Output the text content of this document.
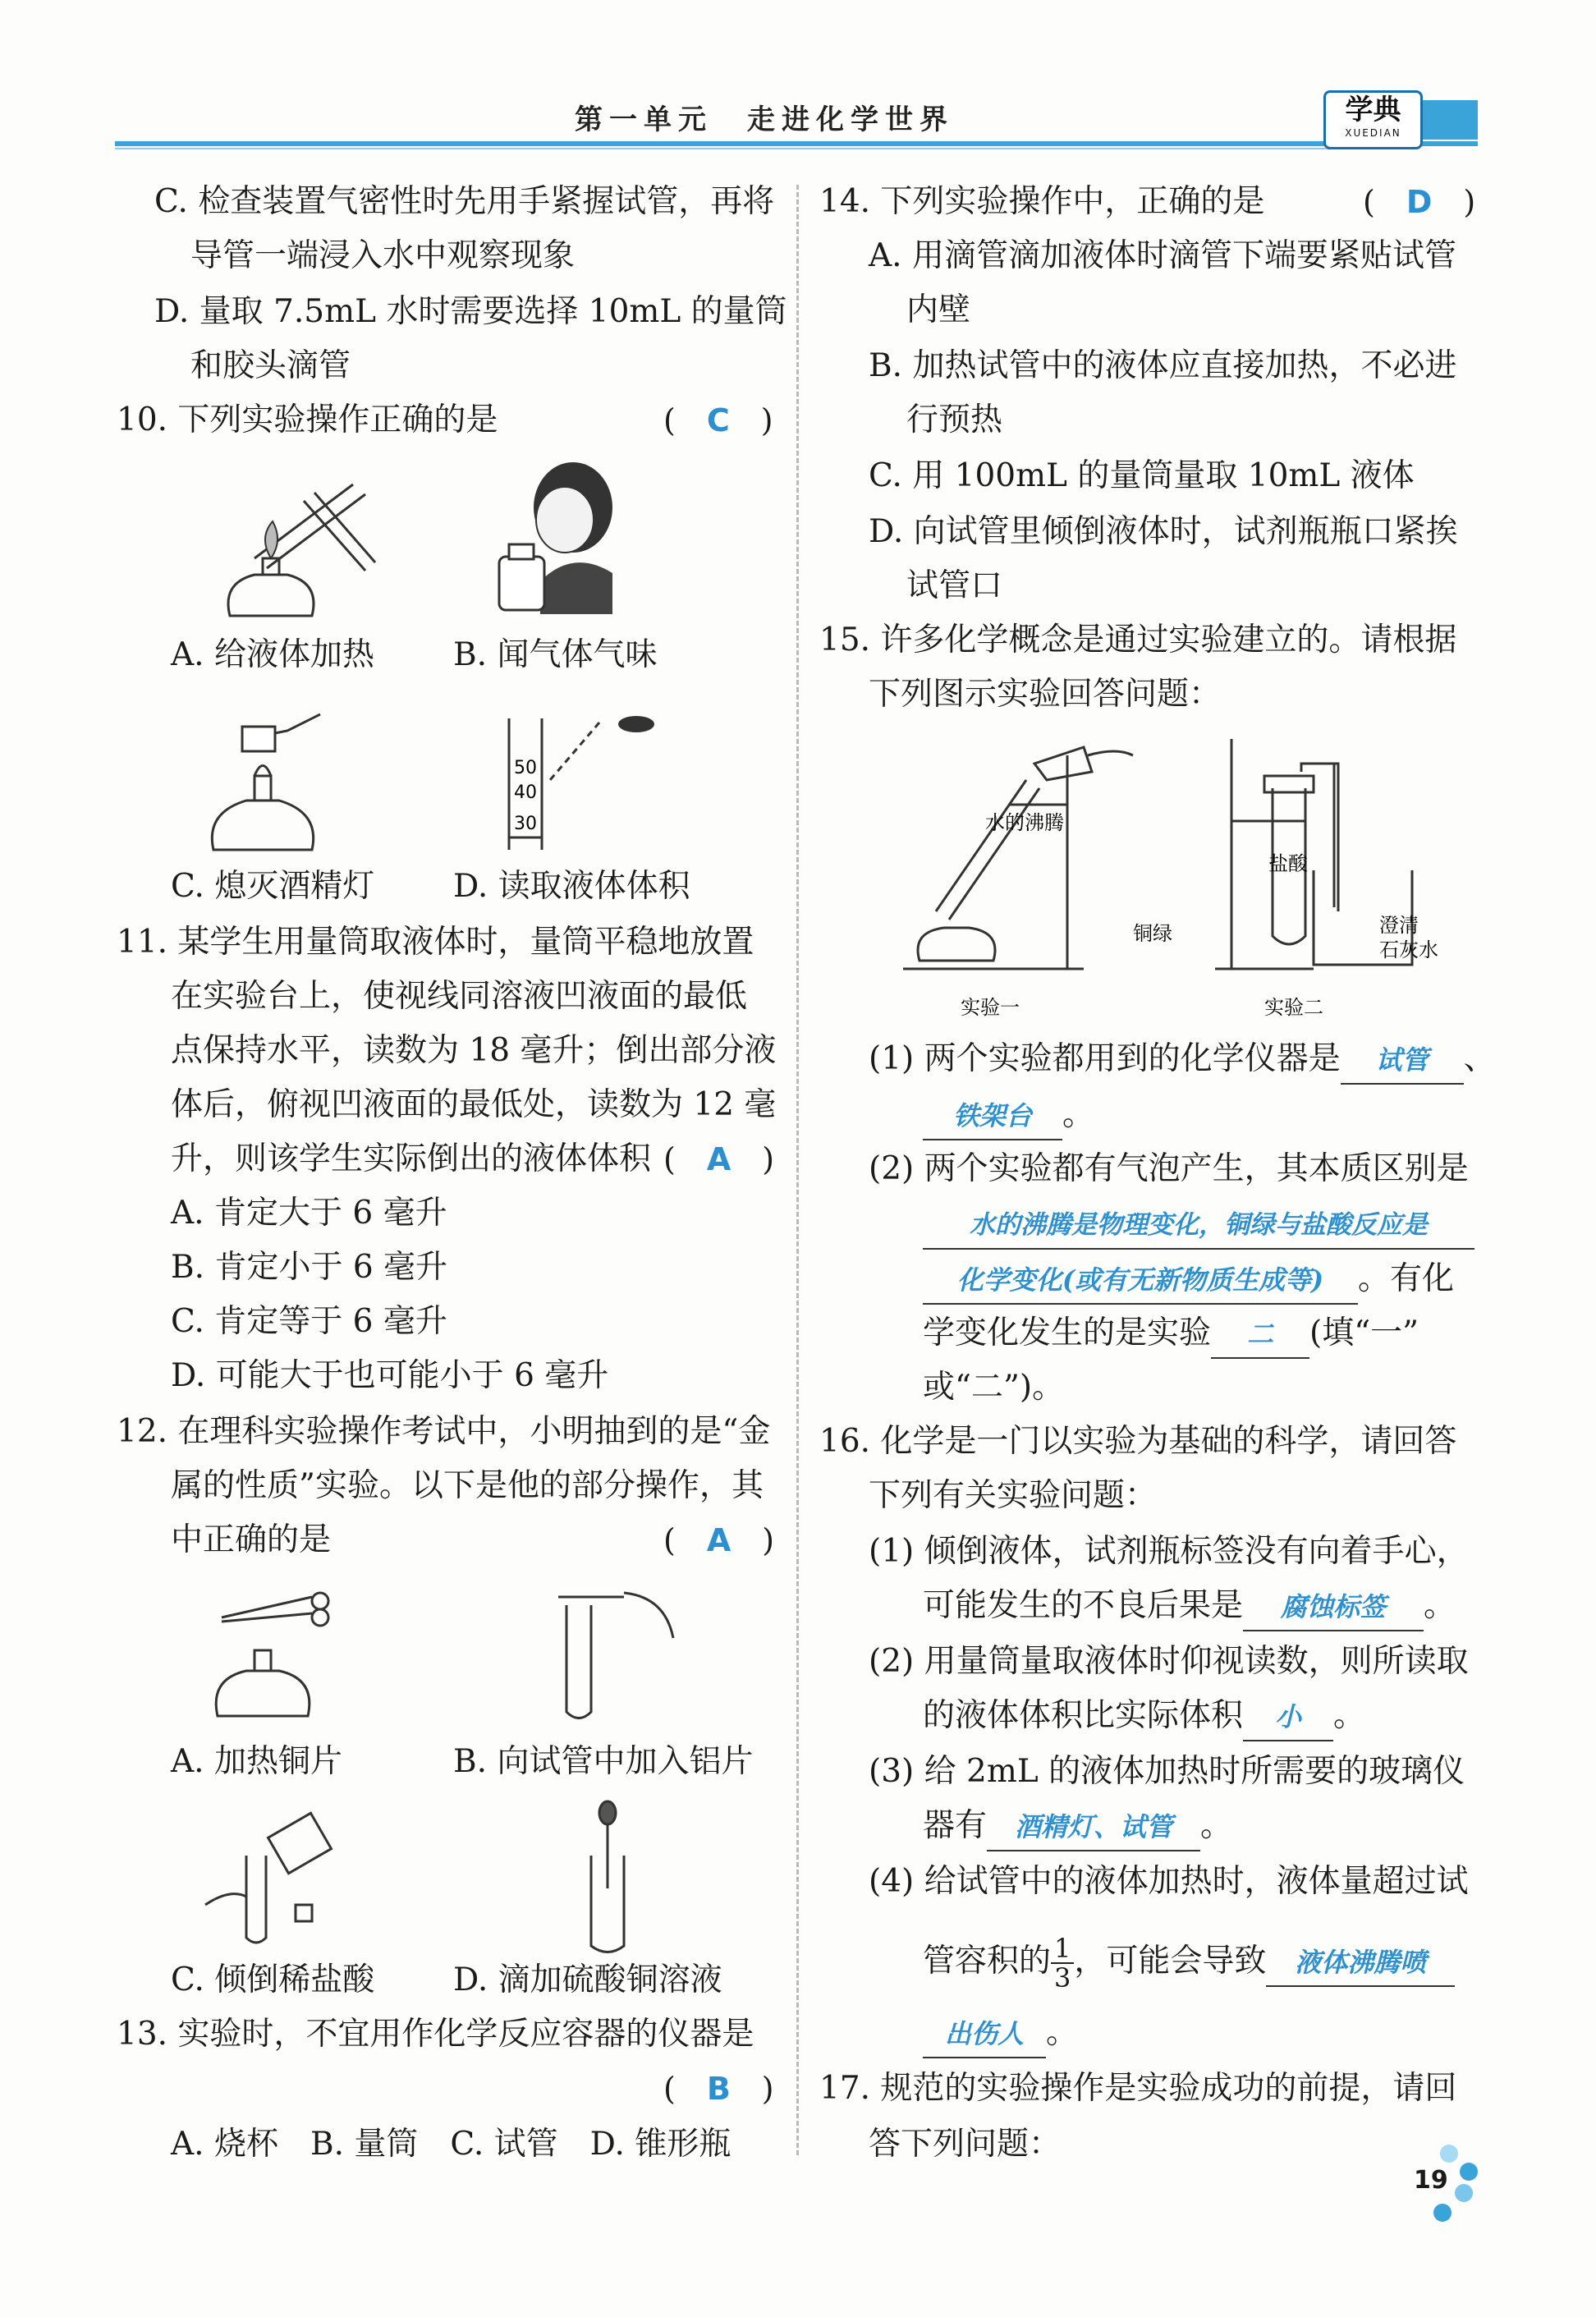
第一单元　走进化学世界	学典
XUEDIAN
C. 检查装置气密性时先用手紧握试管，再将
导管一端浸入水中观察现象
D. 量取 7.5mL 水时需要选择 10mL 的量筒
和胶头滴管
10. 下列实验操作正确的是	(　C　)
A. 给液体加热 B. 闻气体气味
50
40
30
C. 熄灭酒精灯 D. 读取液体体积
11. 某学生用量筒取液体时，量筒平稳地放置
在实验台上，使视线同溶液凹液面的最低
点保持水平，读数为 18 毫升；倒出部分液
体后，俯视凹液面的最低处，读数为 12 毫
升，则该学生实际倒出的液体体积 (　A　)
A. 肯定大于 6 毫升
B. 肯定小于 6 毫升
C. 肯定等于 6 毫升
D. 可能大于也可能小于 6 毫升
12. 在理科实验操作考试中，小明抽到的是“金
属的性质”实验。以下是他的部分操作，其
中正确的是	(　A　)
A. 加热铜片	B. 向试管中加入铝片
C. 倾倒稀盐酸 D. 滴加硫酸铜溶液
13. 实验时，不宜用作化学反应容器的仪器是
(　B　)
A. 烧杯　B. 量筒　C. 试管　D. 锥形瓶
14. 下列实验操作中，正确的是	(　D　)
A. 用滴管滴加液体时滴管下端要紧贴试管
内壁
B. 加热试管中的液体应直接加热，不必进
行预热
C. 用 100mL 的量筒量取 10mL 液体
D. 向试管里倾倒液体时，试剂瓶瓶口紧挨
试管口
15. 许多化学概念是通过实验建立的。请根据
下列图示实验回答问题：
水的沸腾
盐酸
铜绿	澄清
石灰水
实验一	实验二
(1) 两个实验都用到的化学仪器是 试管 、
铁架台 。
(2) 两个实验都有气泡产生，其本质区别是
水的沸腾是物理变化，铜绿与盐酸反应是
化学变化(或有无新物质生成等) 。有化
学变化发生的是实验 二 (填“一”
或“二”)。
16. 化学是一门以实验为基础的科学，请回答
下列有关实验问题：
(1) 倾倒液体，试剂瓶标签没有向着手心，
可能发生的不良后果是 腐蚀标签 。
(2) 用量筒量取液体时仰视读数，则所读取
的液体体积比实际体积 小 。
(3) 给 2mL 的液体加热时所需要的玻璃仪
器有 酒精灯、试管 。
(4) 给试管中的液体加热时，液体量超过试
管容积的 $\frac{1}{3}$ ，可能会导致 液体沸腾喷
出伤人 。
17. 规范的实验操作是实验成功的前提，请回
答下列问题：
19
